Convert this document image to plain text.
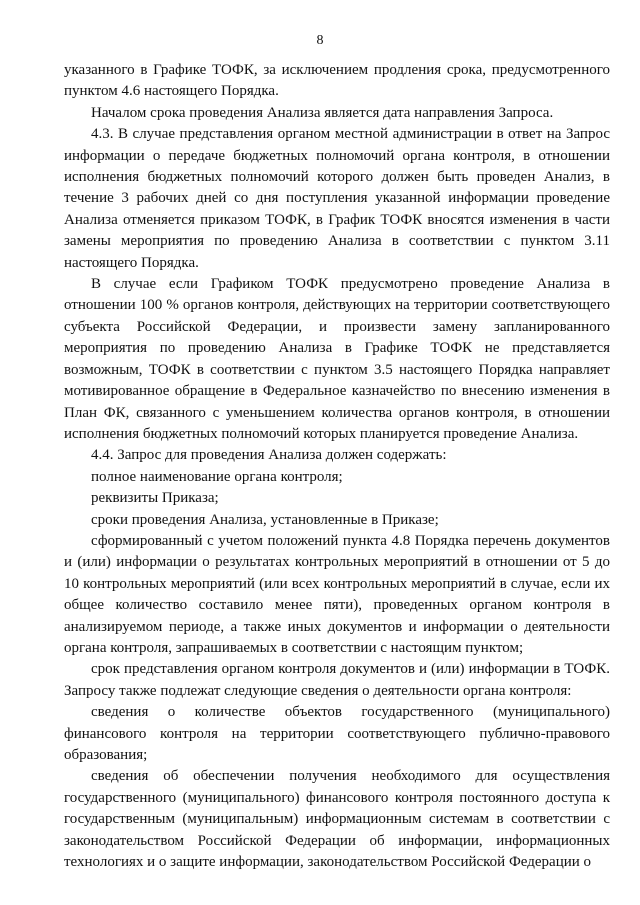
8

указанного в Графике ТОФК, за исключением продления срока, предусмотренного пунктом 4.6 настоящего Порядка.

Началом срока проведения Анализа является дата направления Запроса.

4.3. В случае представления органом местной администрации в ответ на Запрос информации о передаче бюджетных полномочий органа контроля, в отношении исполнения бюджетных полномочий которого должен быть проведен Анализ, в течение 3 рабочих дней со дня поступления указанной информации проведение Анализа отменяется приказом ТОФК, в График ТОФК вносятся изменения в части замены мероприятия по проведению Анализа в соответствии с пунктом 3.11 настоящего Порядка.

В случае если Графиком ТОФК предусмотрено проведение Анализа в отношении 100 % органов контроля, действующих на территории соответствующего субъекта Российской Федерации, и произвести замену запланированного мероприятия по проведению Анализа в Графике ТОФК не представляется возможным, ТОФК в соответствии с пунктом 3.5 настоящего Порядка направляет мотивированное обращение в Федеральное казначейство по внесению изменения в План ФК, связанного с уменьшением количества органов контроля, в отношении исполнения бюджетных полномочий которых планируется проведение Анализа.

4.4. Запрос для проведения Анализа должен содержать:

полное наименование органа контроля;

реквизиты Приказа;

сроки проведения Анализа, установленные в Приказе;

сформированный с учетом положений пункта 4.8 Порядка перечень документов и (или) информации о результатах контрольных мероприятий в отношении от 5 до 10 контрольных мероприятий (или всех контрольных мероприятий в случае, если их общее количество составило менее пяти), проведенных органом контроля в анализируемом периоде, а также иных документов и информации о деятельности органа контроля, запрашиваемых в соответствии с настоящим пунктом;

срок представления органом контроля документов и (или) информации в ТОФК. Запросу также подлежат следующие сведения о деятельности органа контроля:

сведения о количестве объектов государственного (муниципального) финансового контроля на территории соответствующего публично-правового образования;

сведения об обеспечении получения необходимого для осуществления государственного (муниципального) финансового контроля постоянного доступа к государственным (муниципальным) информационным системам в соответствии с законодательством Российской Федерации об информации, информационных технологиях и о защите информации, законодательством Российской Федерации о
